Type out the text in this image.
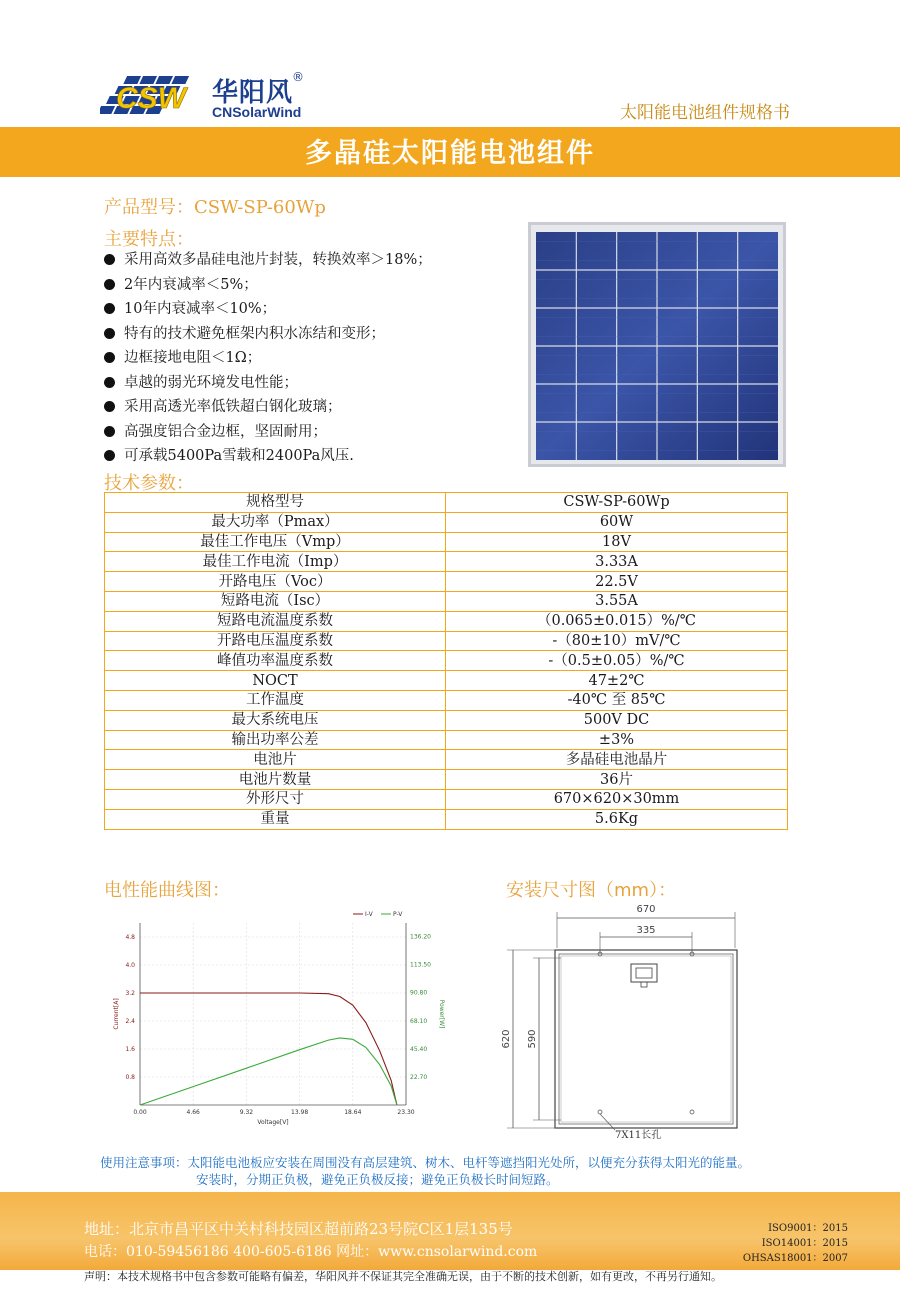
CSW 华阳风
®
CNSolarWind	太阳能电池组件规格书
多晶硅太阳能电池组件
产品型号：CSW-SP-60Wp
主要特点：
采用高效多晶硅电池片封装，转换效率＞18%；
2年内衰减率＜5%；
10年内衰减率＜10%；
特有的技术避免框架内积水冻结和变形；
边框接地电阻＜1Ω；
卓越的弱光环境发电性能；
采用高透光率低铁超白钢化玻璃；
高强度铝合金边框，坚固耐用；
可承载5400Pa雪载和2400Pa风压.
技术参数：
规格型号	CSW-SP-60Wp
最大功率（Pmax）	60W
最佳工作电压（Vmp）	18V
最佳工作电流（Imp）	3.33A
开路电压（Voc）	22.5V
短路电流（Isc）	3.55A
短路电流温度系数	（0.065±0.015）%/℃
开路电压温度系数	-（80±10）mV/℃
峰值功率温度系数	-（0.5±0.05）%/℃
NOCT	47±2℃
工作温度	-40℃ 至 85℃
最大系统电压	500V DC
输出功率公差	±3%
电池片	多晶硅电池晶片
电池片数量	36片
外形尺寸	670×620×30mm
重量	5.6Kg
电性能曲线图：
0.00	4.66	9.32	13.98	18.64	23.30
0.8
1.6
2.4
3.2
4.0
4.8
22.70
45.40
68.10
90.80
113.50
136.20
Voltage[V]
Current[A]	Power[W]
I-V	P-V
安装尺寸图（mm）：
670
335
620 590
7X11长孔
使用注意事项：太阳能电池板应安装在周围没有高层建筑、树木、电杆等遮挡阳光处所，以便充分获得太阳光的能量。
安装时，分期正负极，避免正负极反接；避免正负极长时间短路。
地址：北京市昌平区中关村科技园区超前路23号院C区1层135号
电话：010-59456186 400-605-6186 网址：www.cnsolarwind.com
ISO9001：2015
ISO14001：2015
OHSAS18001：2007
声明：本技术规格书中包含参数可能略有偏差，华阳风并不保证其完全准确无误，由于不断的技术创新，如有更改，不再另行通知。
